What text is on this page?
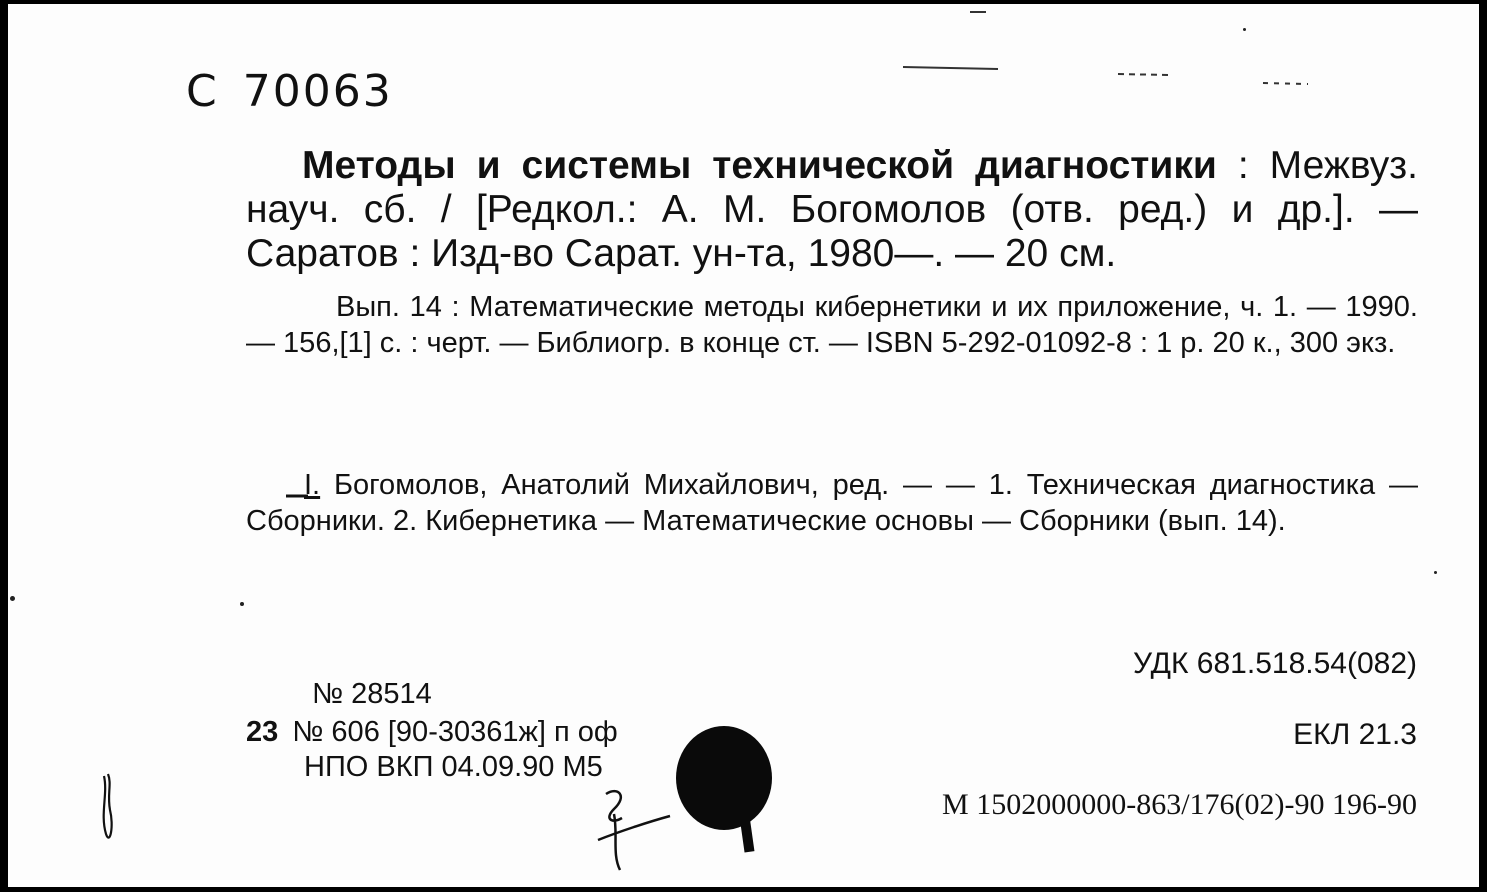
C 70063
Методы и системы технической диагностики : Межвуз. науч. сб. / [Редкол.: А. М. Богомолов (отв. ред.) и др.]. — Саратов : Изд-во Сарат. ун-та, 1980—. — 20 см.
Вып. 14 : Математические методы кибернетики и их приложение, ч. 1. — 1990. — 156,[1] с. : черт. — Библиогр. в конце ст. — ISBN 5-292-01092-8 : 1 р. 20 к., 300 экз.
I. Богомолов, Анатолий Михайлович, ред. — — 1. Техническая диагностика — Сборники. 2. Кибернетика — Математические основы — Сборники (вып. 14).
УДК 681.518.54(082)
№ 28514
23 № 606 [90-30361ж] п оф	ЕКЛ 21.3
НПО ВКП 04.09.90 М5
М 1502000000-863/176(02)-90 196-90
